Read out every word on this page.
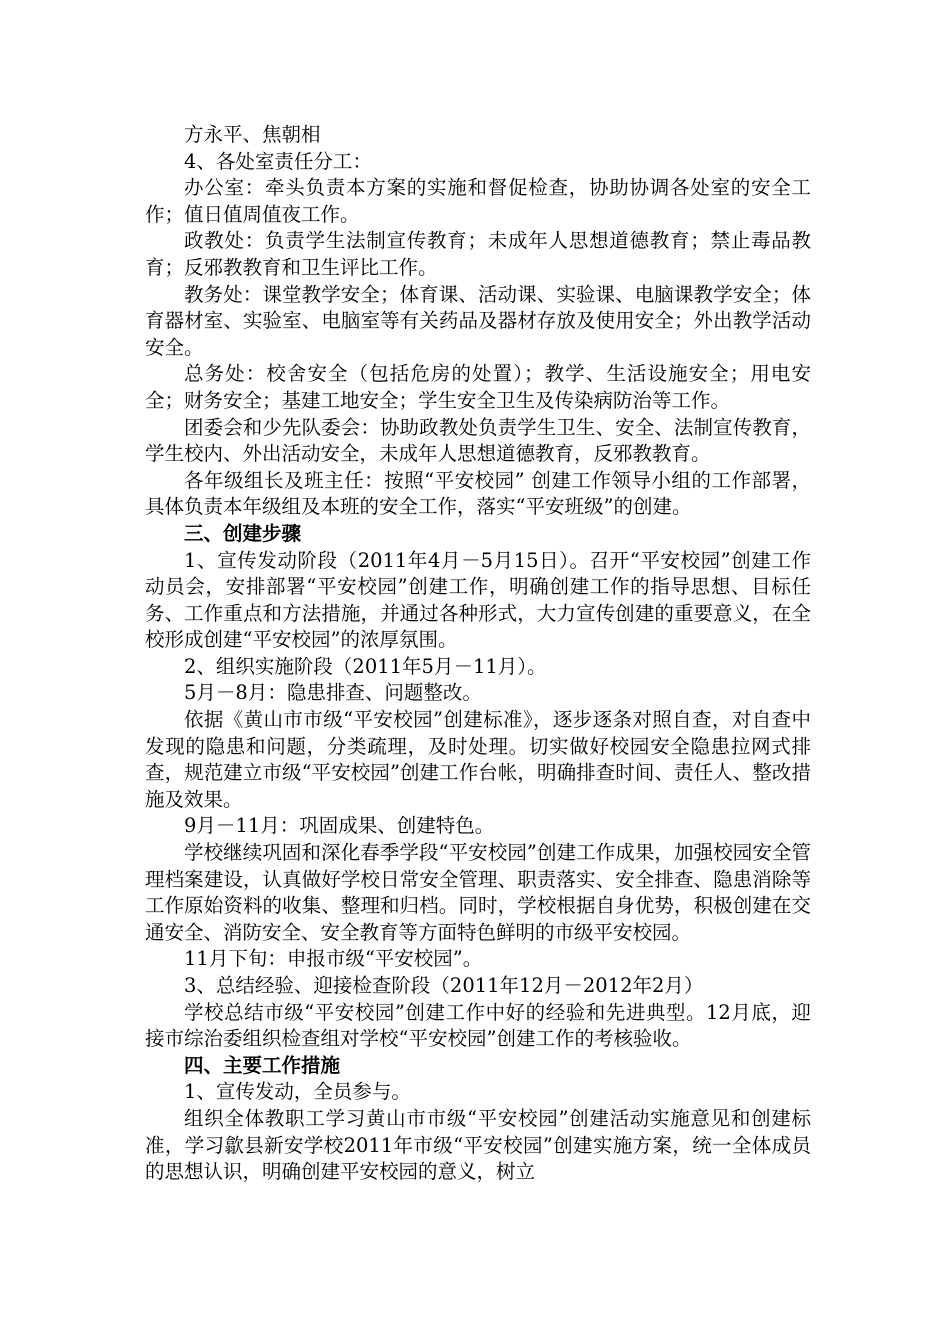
方永平、焦朝相

4、各处室责任分工：

办公室：牵头负责本方案的实施和督促检查，协助协调各处室的安全工作；值日值周值夜工作。

政教处：负责学生法制宣传教育；未成年人思想道德教育；禁止毒品教育；反邪教教育和卫生评比工作。

教务处：课堂教学安全；体育课、活动课、实验课、电脑课教学安全；体育器材室、实验室、电脑室等有关药品及器材存放及使用安全；外出教学活动安全。

总务处：校舍安全（包括危房的处置）；教学、生活设施安全；用电安全；财务安全；基建工地安全；学生安全卫生及传染病防治等工作。

团委会和少先队委会：协助政教处负责学生卫生、安全、法制宣传教育，学生校内、外出活动安全，未成年人思想道德教育，反邪教教育。

各年级组长及班主任：按照“平安校园” 创建工作领导小组的工作部署，具体负责本年级组及本班的安全工作，落实“平安班级”的创建。

三、创建步骤

1、宣传发动阶段（2011年4月－5月15日）。召开“平安校园”创建工作动员会，安排部署“平安校园”创建工作，明确创建工作的指导思想、目标任务、工作重点和方法措施，并通过各种形式，大力宣传创建的重要意义，在全校形成创建“平安校园”的浓厚氛围。

2、组织实施阶段（2011年5月－11月）。

5月－8月：隐患排查、问题整改。

依据《黄山市市级“平安校园”创建标准》，逐步逐条对照自查，对自查中发现的隐患和问题，分类疏理，及时处理。切实做好校园安全隐患拉网式排查，规范建立市级“平安校园”创建工作台帐，明确排查时间、责任人、整改措施及效果。

9月－11月：巩固成果、创建特色。

学校继续巩固和深化春季学段“平安校园”创建工作成果，加强校园安全管理档案建设，认真做好学校日常安全管理、职责落实、安全排查、隐患消除等工作原始资料的收集、整理和归档。同时，学校根据自身优势，积极创建在交通安全、消防安全、安全教育等方面特色鲜明的市级平安校园。

11月下旬：申报市级“平安校园”。

3、总结经验、迎接检查阶段（2011年12月－2012年2月）

学校总结市级“平安校园”创建工作中好的经验和先进典型。12月底，迎接市综治委组织检查组对学校“平安校园”创建工作的考核验收。

四、主要工作措施

1、宣传发动，全员参与。

组织全体教职工学习黄山市市级“平安校园”创建活动实施意见和创建标准，学习歙县新安学校2011年市级“平安校园”创建实施方案，统一全体成员的思想认识，明确创建平安校园的意义，树立
